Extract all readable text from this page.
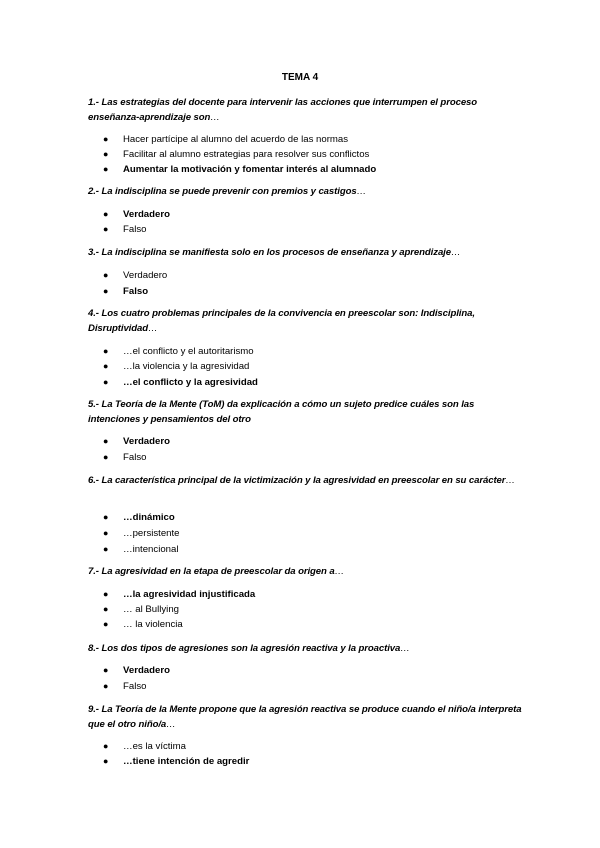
TEMA 4
1.- Las estrategias del docente para intervenir las acciones que interrumpen el proceso enseñanza-aprendizaje son…
● Hacer partícipe al alumno del acuerdo de las normas
● Facilitar al alumno estrategias para resolver sus conflictos
● Aumentar la motivación y fomentar interés al alumnado
2.- La indisciplina se puede prevenir con premios y castigos…
● Verdadero
● Falso
3.- La indisciplina se manifiesta solo en los procesos de enseñanza y aprendizaje…
● Verdadero
● Falso
4.- Los cuatro problemas principales de la convivencia en preescolar son: Indisciplina, Disruptividad…
● …el conflicto y el autoritarismo
● …la violencia y la agresividad
● …el conflicto y la agresividad
5.- La Teoría de la Mente (ToM) da explicación a cómo un sujeto predice cuáles son las intenciones y pensamientos del otro
● Verdadero
● Falso
6.- La característica principal de la victimización y la agresividad en preescolar en su carácter…
● …dinámico
● …persistente
● …intencional
7.- La agresividad en la etapa de preescolar da origen a…
● …la agresividad injustificada
● … al Bullying
● … la violencia
8.- Los dos tipos de agresiones son la agresión reactiva y la proactiva…
● Verdadero
● Falso
9.- La Teoría de la Mente propone que la agresión reactiva se produce cuando el niño/a interpreta que el otro niño/a…
● …es la víctima
● …tiene intención de agredir
